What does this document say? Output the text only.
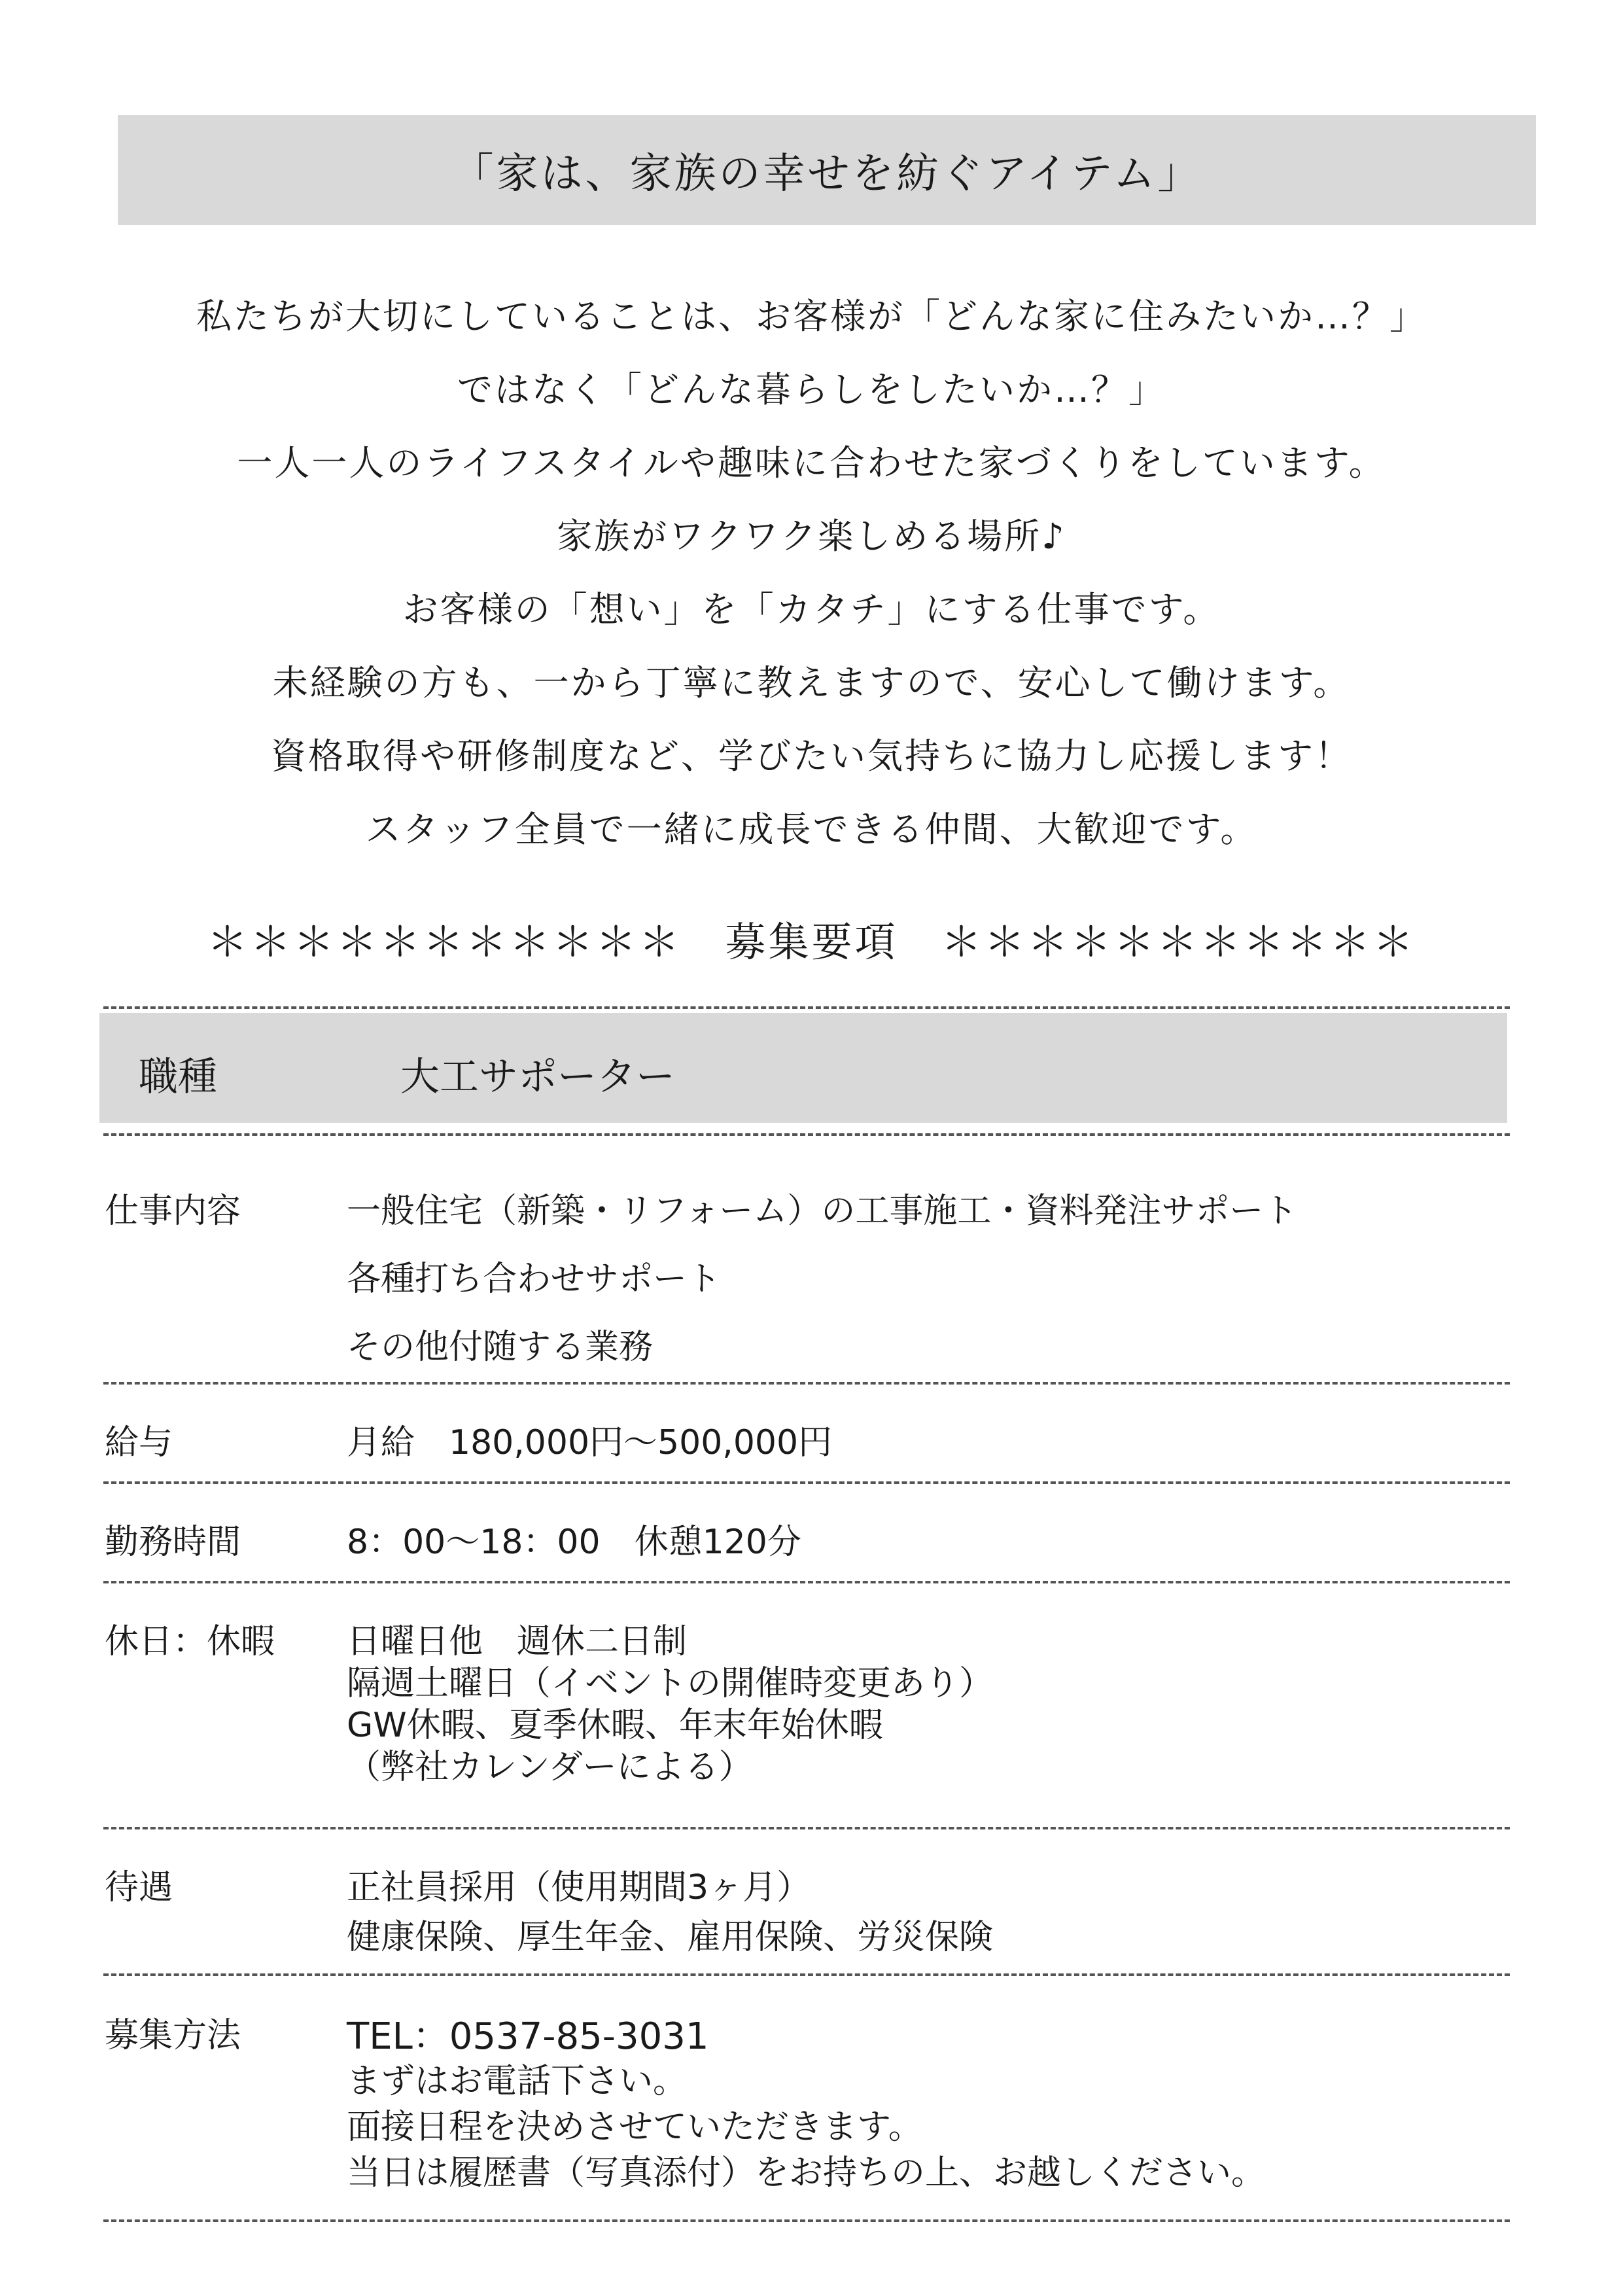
「家は、家族の幸せを紡ぐアイテム」
私たちが大切にしていることは、お客様が「どんな家に住みたいか…？」
ではなく「どんな暮らしをしたいか…？」
一人一人のライフスタイルや趣味に合わせた家づくりをしています。
家族がワクワク楽しめる場所♪
お客様の「想い」を「カタチ」にする仕事です。
未経験の方も、一から丁寧に教えますので、安心して働けます。
資格取得や研修制度など、学びたい気持ちに協力し応援します！
スタッフ全員で一緒に成長できる仲間、大歓迎です。
＊＊＊＊＊＊＊＊＊＊＊　募集要項　＊＊＊＊＊＊＊＊＊＊＊
職種	大工サポーター
仕事内容	一般住宅（新築・リフォーム）の工事施工・資料発注サポート
各種打ち合わせサポート
その他付随する業務
給与	月給　180,000円～500,000円
勤務時間	8：00～18：00　休憩120分
休日：休暇 日曜日他　週休二日制
隔週土曜日（イベントの開催時変更あり）
GW休暇、夏季休暇、年末年始休暇
（弊社カレンダーによる）
待遇	正社員採用（使用期間3ヶ月）
健康保険、厚生年金、雇用保険、労災保険
募集方法	TEL：0537-85-3031
まずはお電話下さい。
面接日程を決めさせていただきます。
当日は履歴書（写真添付）をお持ちの上、お越しください。
